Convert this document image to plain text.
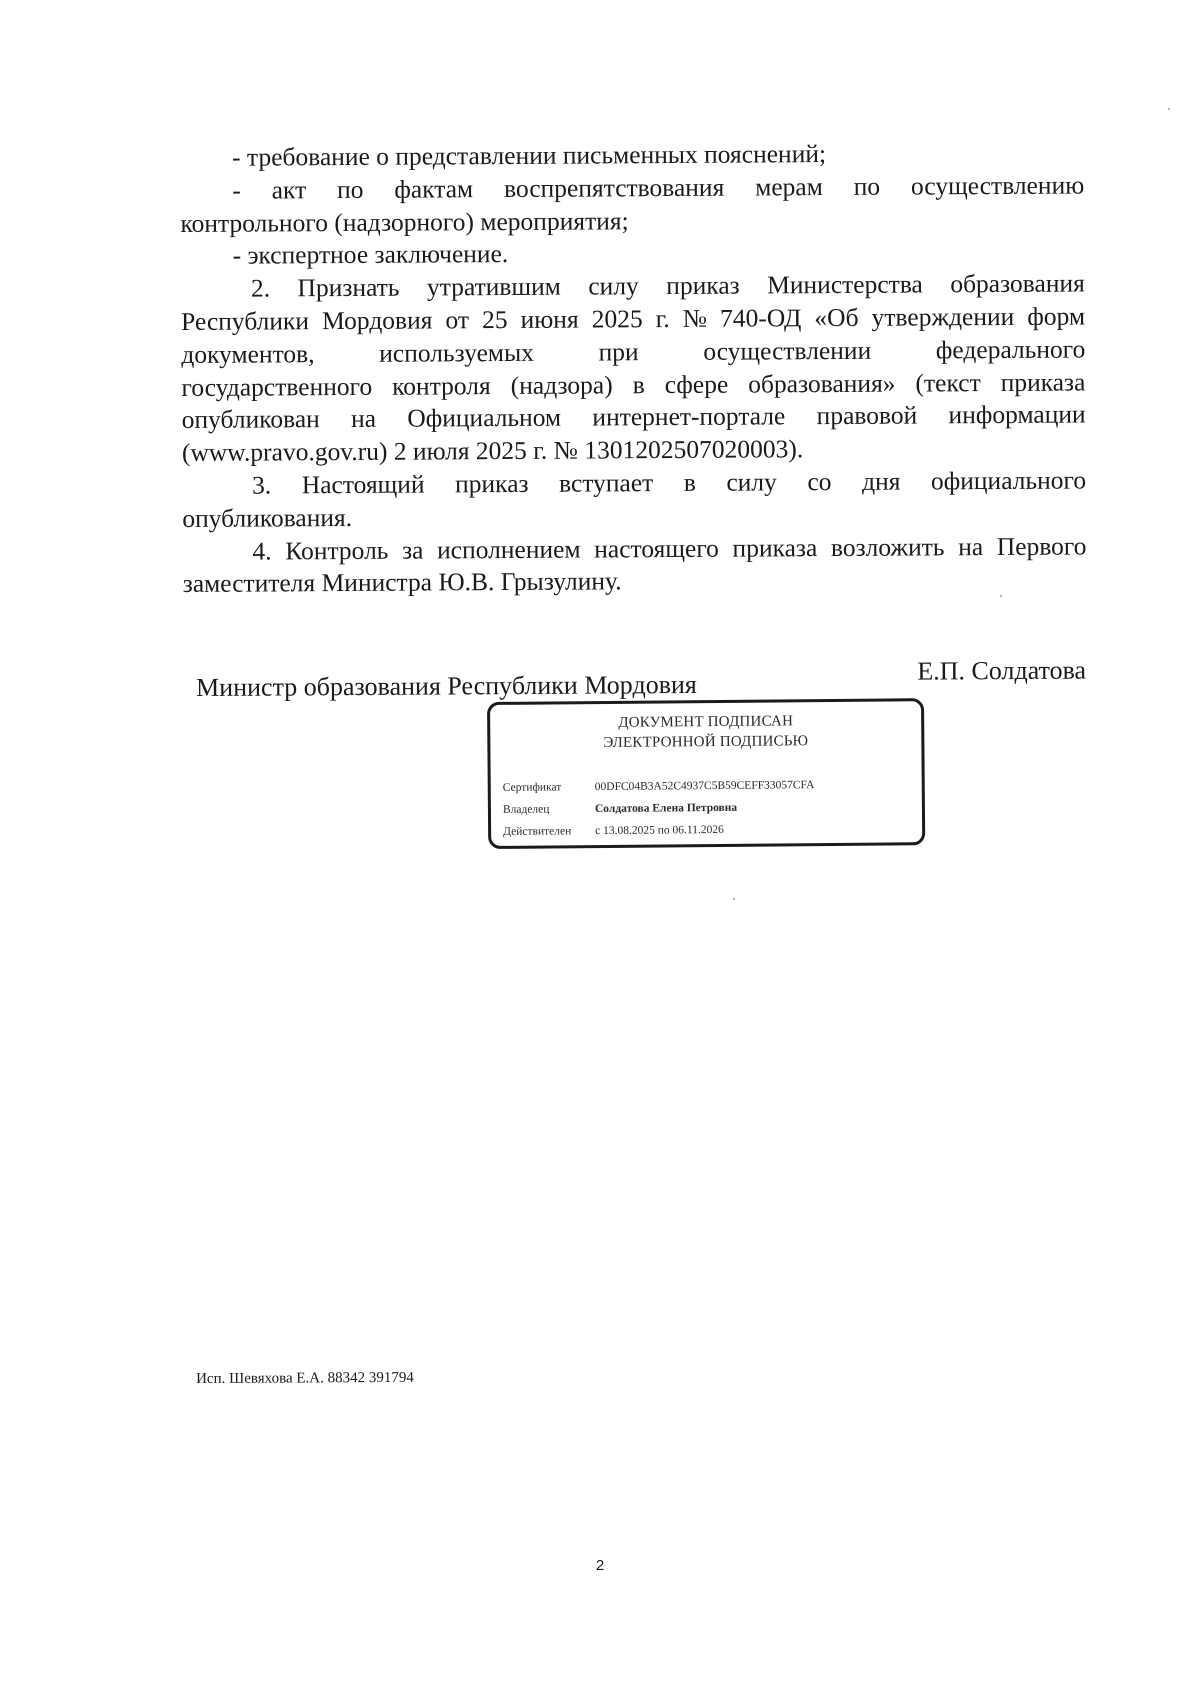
- требование о представлении письменных пояснений;
- акт по фактам воспрепятствования мерам по осуществлению
контрольного (надзорного) мероприятия;
- экспертное заключение.
2. Признать утратившим силу приказ Министерства образования
Республики Мордовия от 25 июня 2025 г. № 740-ОД «Об утверждении форм
документов,	используемых	при	осуществлении	федерального
государственного контроля (надзора) в сфере образования» (текст приказа
опубликован на Официальном интернет-портале правовой информации
(www.pravo.gov.ru) 2 июля 2025 г. № 1301202507020003).
3. Настоящий приказ вступает в силу со дня официального
опубликования.
4. Контроль за исполнением настоящего приказа возложить на Первого
заместителя Министра Ю.В. Грызулину.
Министр образования Республики Мордовия	Е.П. Солдатова
ДОКУМЕНТ ПОДПИСАН
ЭЛЕКТРОННОЙ ПОДПИСЬЮ
Сертификат	00DFC04B3A52C4937C5B59CEFF33057CFA
Владелец	Солдатова Елена Петровна
Действителен с 13.08.2025 по 06.11.2026
Исп. Шевяхова Е.А. 88342 391794
2
